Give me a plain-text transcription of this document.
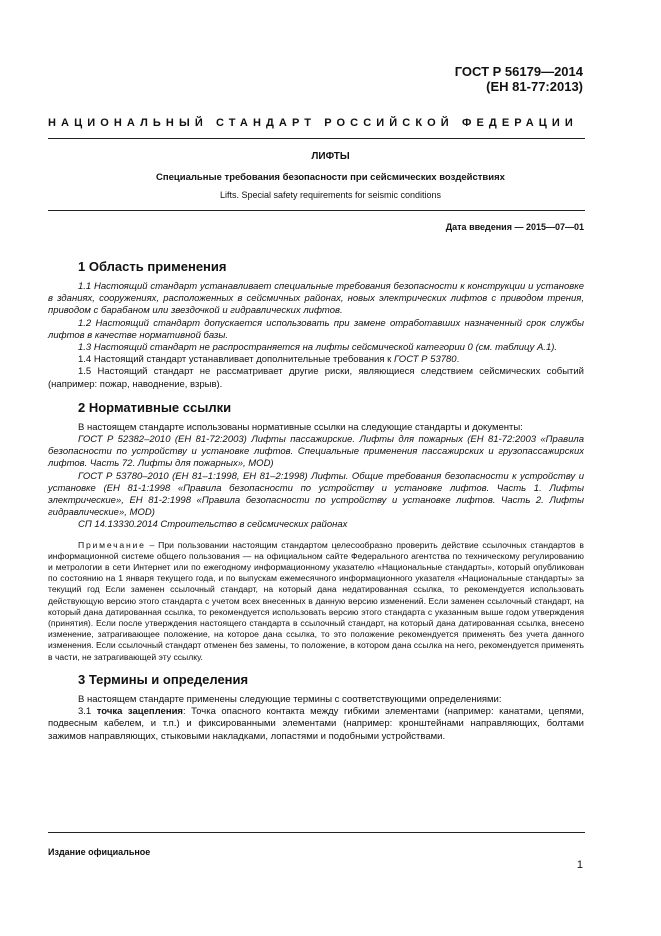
ГОСТ Р 56179—2014
(ЕН 81-77:2013)
НАЦИОНАЛЬНЫЙ СТАНДАРТ РОССИЙСКОЙ ФЕДЕРАЦИИ
ЛИФТЫ
Специальные требования безопасности при сейсмических воздействиях
Lifts. Special safety requirements for seismic conditions
Дата введения — 2015—07—01
1 Область применения

1.1 Настоящий стандарт устанавливает специальные требования безопасности к конструкции и установке в зданиях, сооружениях, расположенных в сейсмичных районах, новых электрических лифтов с приводом трения, приводом с барабаном или звездочкой и гидравлических лифтов.

1.2 Настоящий стандарт допускается использовать при замене отработавших назначенный срок службы лифтов в качестве нормативной базы.

1.3 Настоящий стандарт не распространяется на лифты сейсмической категории 0 (см. таблицу А.1).

1.4 Настоящий стандарт устанавливает дополнительные требования к ГОСТ Р 53780.

1.5 Настоящий стандарт не рассматривает другие риски, являющиеся следствием сейсмических событий (например: пожар, наводнение, взрыв).

2 Нормативные ссылки

В настоящем стандарте использованы нормативные ссылки на следующие стандарты и документы:

ГОСТ Р 52382–2010 (ЕН 81-72:2003) Лифты пассажирские. Лифты для пожарных (ЕН 81-72:2003 «Правила безопасности по устройству и установке лифтов. Специальные применения пассажирских и грузопассажирских лифтов. Часть 72. Лифты для пожарных», MOD)

ГОСТ Р 53780–2010 (ЕН 81–1:1998, ЕН 81–2:1998) Лифты. Общие требования безопасности к устройству и установке (ЕН 81-1:1998 «Правила безопасности по устройству и установке лифтов. Часть 1. Лифты электрические», ЕН 81-2:1998 «Правила безопасности по устройству и установке лифтов. Часть 2. Лифты гидравлические», MOD)

СП 14.13330.2014 Строительство в сейсмических районах

Примечание – При пользовании настоящим стандартом целесообразно проверить действие ссылочных стандартов в информационной системе общего пользования — на официальном сайте Федерального агентства по техническому регулированию и метрологии в сети Интернет или по ежегодному информационному указателю «Национальные стандарты», который опубликован по состоянию на 1 января текущего года, и по выпускам ежемесячного информационного указателя «Национальные стандарты» за текущий год Если заменен ссылочный стандарт, на который дана недатированная ссылка, то рекомендуется использовать действующую версию этого стандарта с учетом всех внесенных в данную версию изменений. Если заменен ссылочный стандарт, на который дана датированная ссылка, то рекомендуется использовать версию этого стандарта с указанным выше годом утверждения (принятия). Если после утверждения настоящего стандарта в ссылочный стандарт, на который дана датированная ссылка, внесено изменение, затрагивающее положение, на которое дана ссылка, то это положение рекомендуется применять без учета данного изменения. Если ссылочный стандарт отменен без замены, то положение, в котором дана ссылка на него, рекомендуется применять в части, не затрагивающей эту ссылку.
3 Термины и определения

В настоящем стандарте применены следующие термины с соответствующими определениями:

3.1 точка зацепления: Точка опасного контакта между гибкими элементами (например: канатами, цепями, подвесным кабелем, и т.п.) и фиксированными элементами (например: кронштейнами направляющих, болтами зажимов направляющих, стыковыми накладками, лопастями и подобными устройствами.

Издание официальное
1
